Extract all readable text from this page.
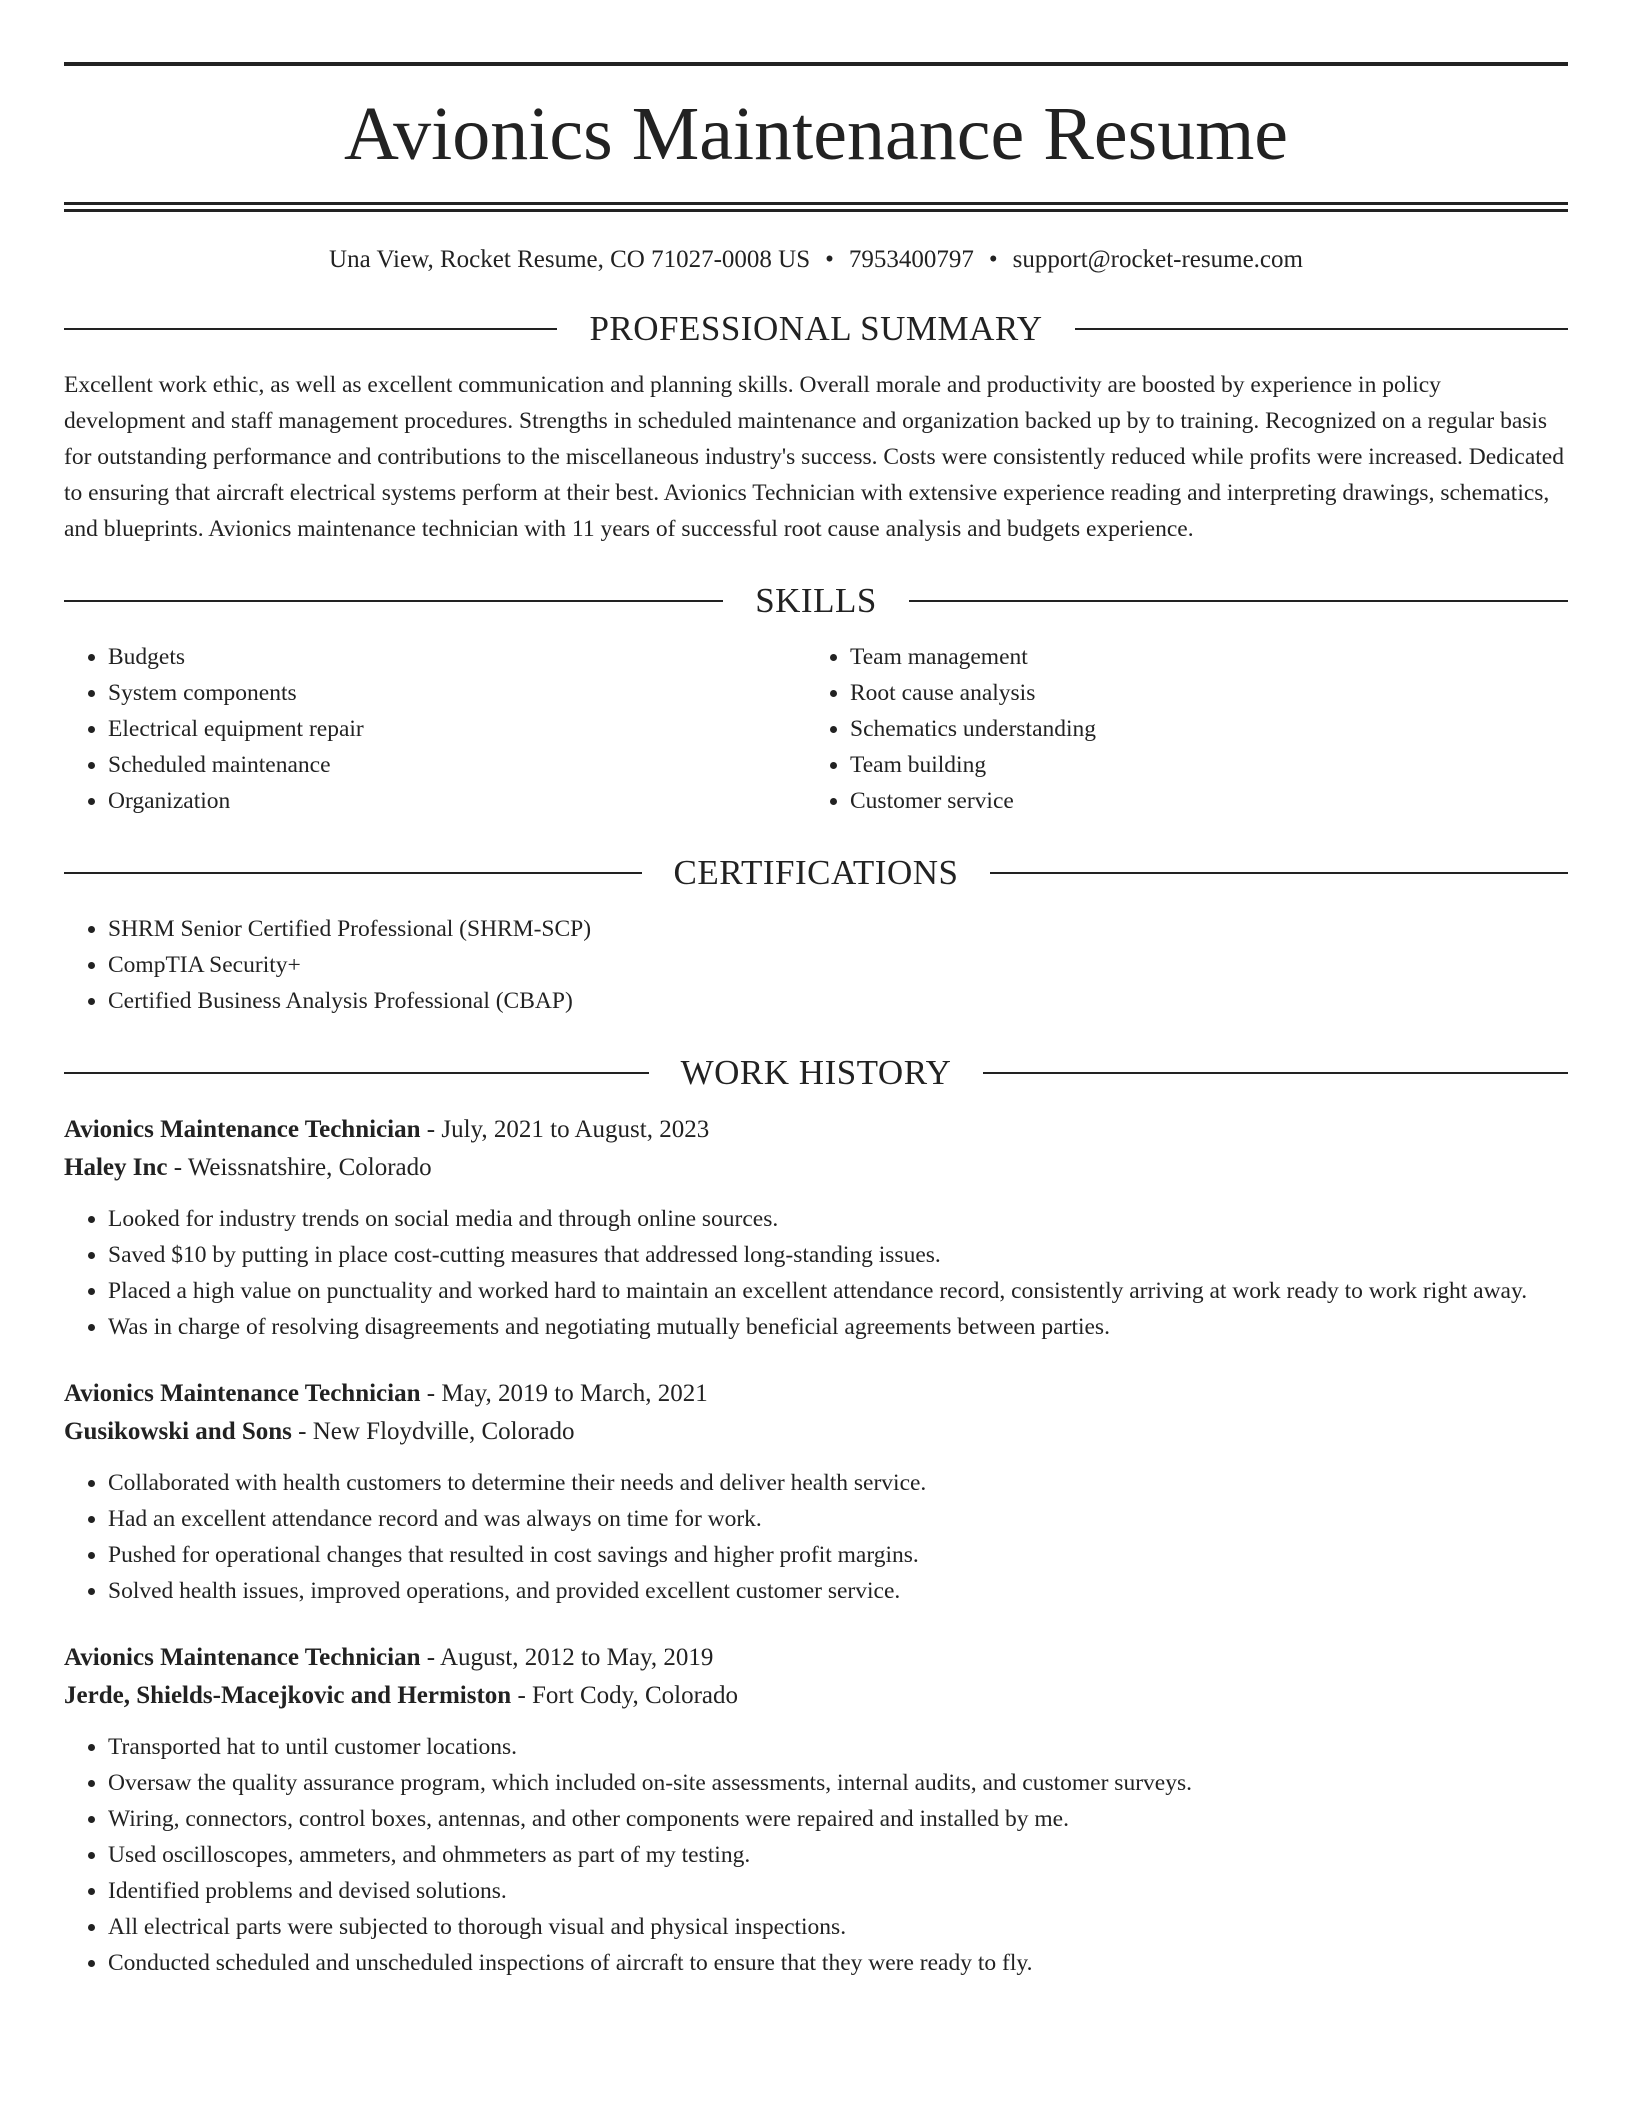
Avionics Maintenance Resume
Una View, Rocket Resume, CO 71027-0008 US • 7953400797 • support@rocket-resume.com
PROFESSIONAL SUMMARY
Excellent work ethic, as well as excellent communication and planning skills. Overall morale and productivity are boosted by experience in policy development and staff management procedures. Strengths in scheduled maintenance and organization backed up by to training. Recognized on a regular basis for outstanding performance and contributions to the miscellaneous industry's success. Costs were consistently reduced while profits were increased. Dedicated to ensuring that aircraft electrical systems perform at their best. Avionics Technician with extensive experience reading and interpreting drawings, schematics, and blueprints. Avionics maintenance technician with 11 years of successful root cause analysis and budgets experience.
SKILLS
• Budgets
• System components
• Electrical equipment repair
• Scheduled maintenance
• Organization
• Team management
• Root cause analysis
• Schematics understanding
• Team building
• Customer service
CERTIFICATIONS
• SHRM Senior Certified Professional (SHRM-SCP)
• CompTIA Security+
• Certified Business Analysis Professional (CBAP)
WORK HISTORY
Avionics Maintenance Technician - July, 2021 to August, 2023
Haley Inc - Weissnatshire, Colorado
• Looked for industry trends on social media and through online sources.
• Saved $10 by putting in place cost-cutting measures that addressed long-standing issues.
• Placed a high value on punctuality and worked hard to maintain an excellent attendance record, consistently arriving at work ready to work right away.
• Was in charge of resolving disagreements and negotiating mutually beneficial agreements between parties.
Avionics Maintenance Technician - May, 2019 to March, 2021
Gusikowski and Sons - New Floydville, Colorado
• Collaborated with health customers to determine their needs and deliver health service.
• Had an excellent attendance record and was always on time for work.
• Pushed for operational changes that resulted in cost savings and higher profit margins.
• Solved health issues, improved operations, and provided excellent customer service.
Avionics Maintenance Technician - August, 2012 to May, 2019
Jerde, Shields-Macejkovic and Hermiston - Fort Cody, Colorado
• Transported hat to until customer locations.
• Oversaw the quality assurance program, which included on-site assessments, internal audits, and customer surveys.
• Wiring, connectors, control boxes, antennas, and other components were repaired and installed by me.
• Used oscilloscopes, ammeters, and ohmmeters as part of my testing.
• Identified problems and devised solutions.
• All electrical parts were subjected to thorough visual and physical inspections.
• Conducted scheduled and unscheduled inspections of aircraft to ensure that they were ready to fly.
